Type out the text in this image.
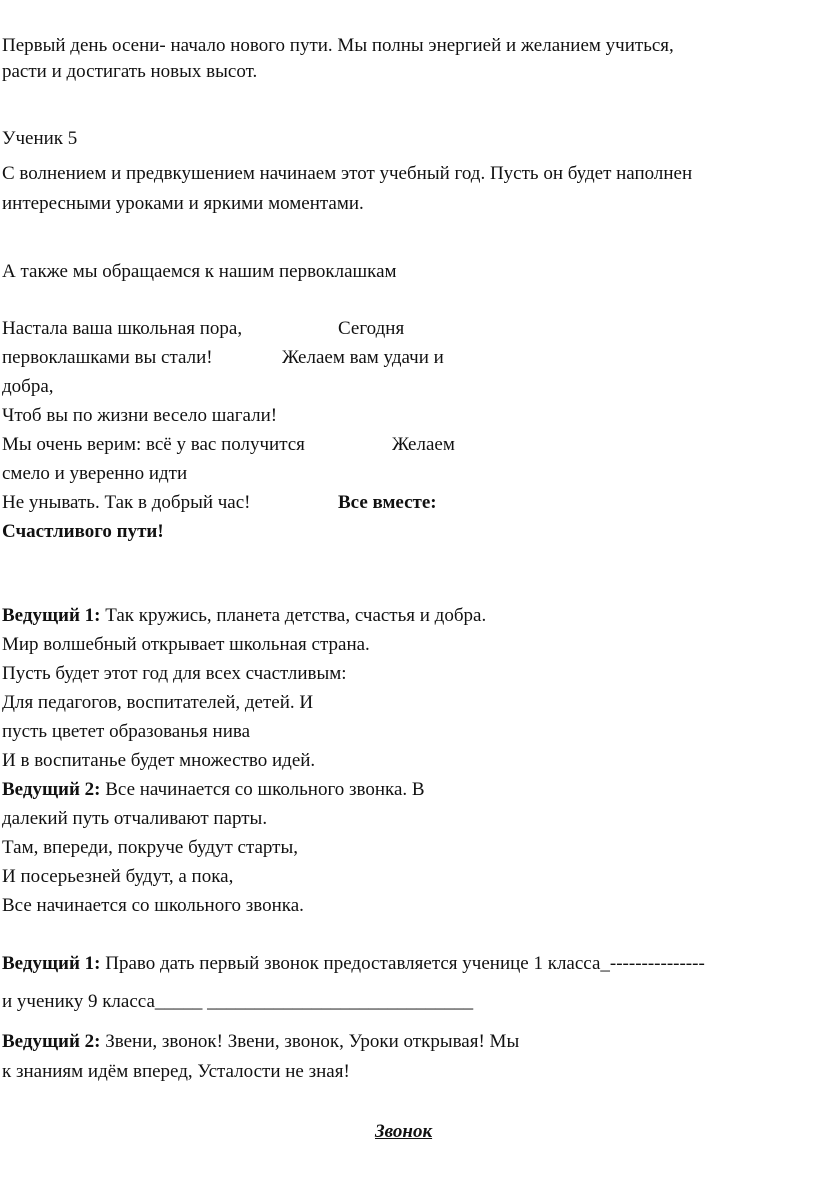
Первый день осени- начало нового пути. Мы полны энергией и желанием учиться,
расти и достигать новых высот.
Ученик 5
С волнением и предвкушением начинаем этот учебный год. Пусть он будет наполнен
интересными уроками и яркими моментами.
А также мы обращаемся к нашим первоклашкам
Настала ваша школьная пора,	Сегодня
первоклашками вы стали!	Желаем вам удачи и
добра,
Чтоб вы по жизни весело шагали!
Мы очень верим: всё у вас получится	Желаем
смело и уверенно идти
Не унывать. Так в добрый час!	Все вместе:
Счастливого пути!
Ведущий 1: Так кружись, планета детства, счастья и добра.
Мир волшебный открывает школьная страна.
Пусть будет этот год для всех счастливым:
Для педагогов, воспитателей, детей. И
пусть цветет образованья нива
И в воспитанье будет множество идей.
Ведущий 2: Все начинается со школьного звонка. В
далекий путь отчаливают парты.
Там, впереди, покруче будут старты,
И посерьезней будут, а пока,
Все начинается со школьного звонка.
Ведущий 1: Право дать первый звонок предоставляется ученице 1 класса_---------------
и ученику 9 класса_____ ____________________________
Ведущий 2: Звени, звонок! Звени, звонок, Уроки открывая! Мы
к знаниям идём вперед, Усталости не зная!
Звонок
